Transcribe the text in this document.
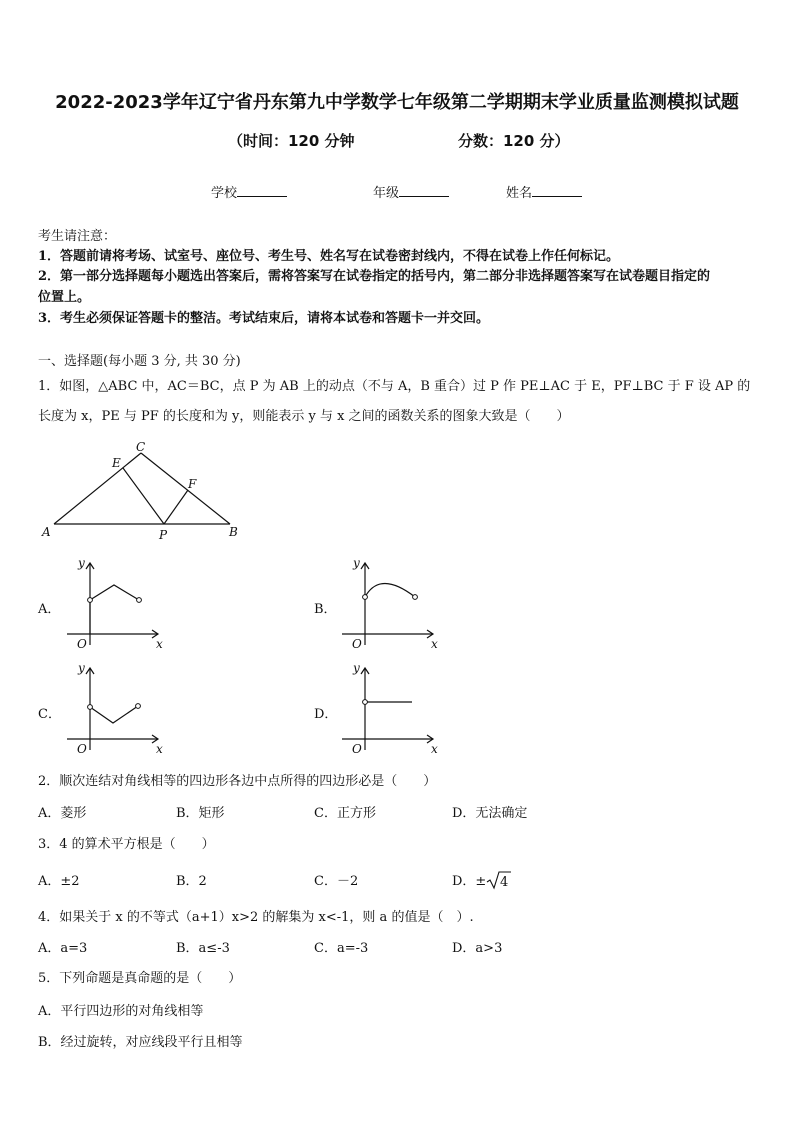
2022-2023学年辽宁省丹东第九中学数学七年级第二学期期末学业质量监测模拟试题
（时间：120 分钟	分数：120 分）
学校	年级	姓名
考生请注意：
1．答题前请将考场、试室号、座位号、考生号、姓名写在试卷密封线内，不得在试卷上作任何标记。
2．第一部分选择题每小题选出答案后，需将答案写在试卷指定的括号内，第二部分非选择题答案写在试卷题目指定的
位置上。
3．考生必须保证答题卡的整洁。考试结束后，请将本试卷和答题卡一并交回。
一、选择题(每小题 3 分, 共 30 分)
1．如图，△ABC 中，AC＝BC，点 P 为 AB 上的动点（不与 A，B 重合）过 P 作 PE⊥AC 于 E，PF⊥BC 于 F 设 AP 的
长度为 x，PE 与 PF 的长度和为 y，则能表示 y 与 x 之间的函数关系的图象大致是（　　）
C
E
F
A	P	B
A．
y
x
O
B．
y
x
O
C．
y
x
O
D．
y
x
O
2．顺次连结对角线相等的四边形各边中点所得的四边形必是（　　）
A．菱形	B．矩形	C．正方形	D．无法确定
3．4 的算术平方根是（　　）
A．±2	B．2	C．－2	D．± 4
4．如果关于 x 的不等式（a+1）x>2 的解集为 x<-1，则 a 的值是（　）.
A．a=3	B．a≤-3	C．a=-3	D．a>3
5．下列命题是真命题的是（　　）
A．平行四边形的对角线相等
B．经过旋转，对应线段平行且相等
